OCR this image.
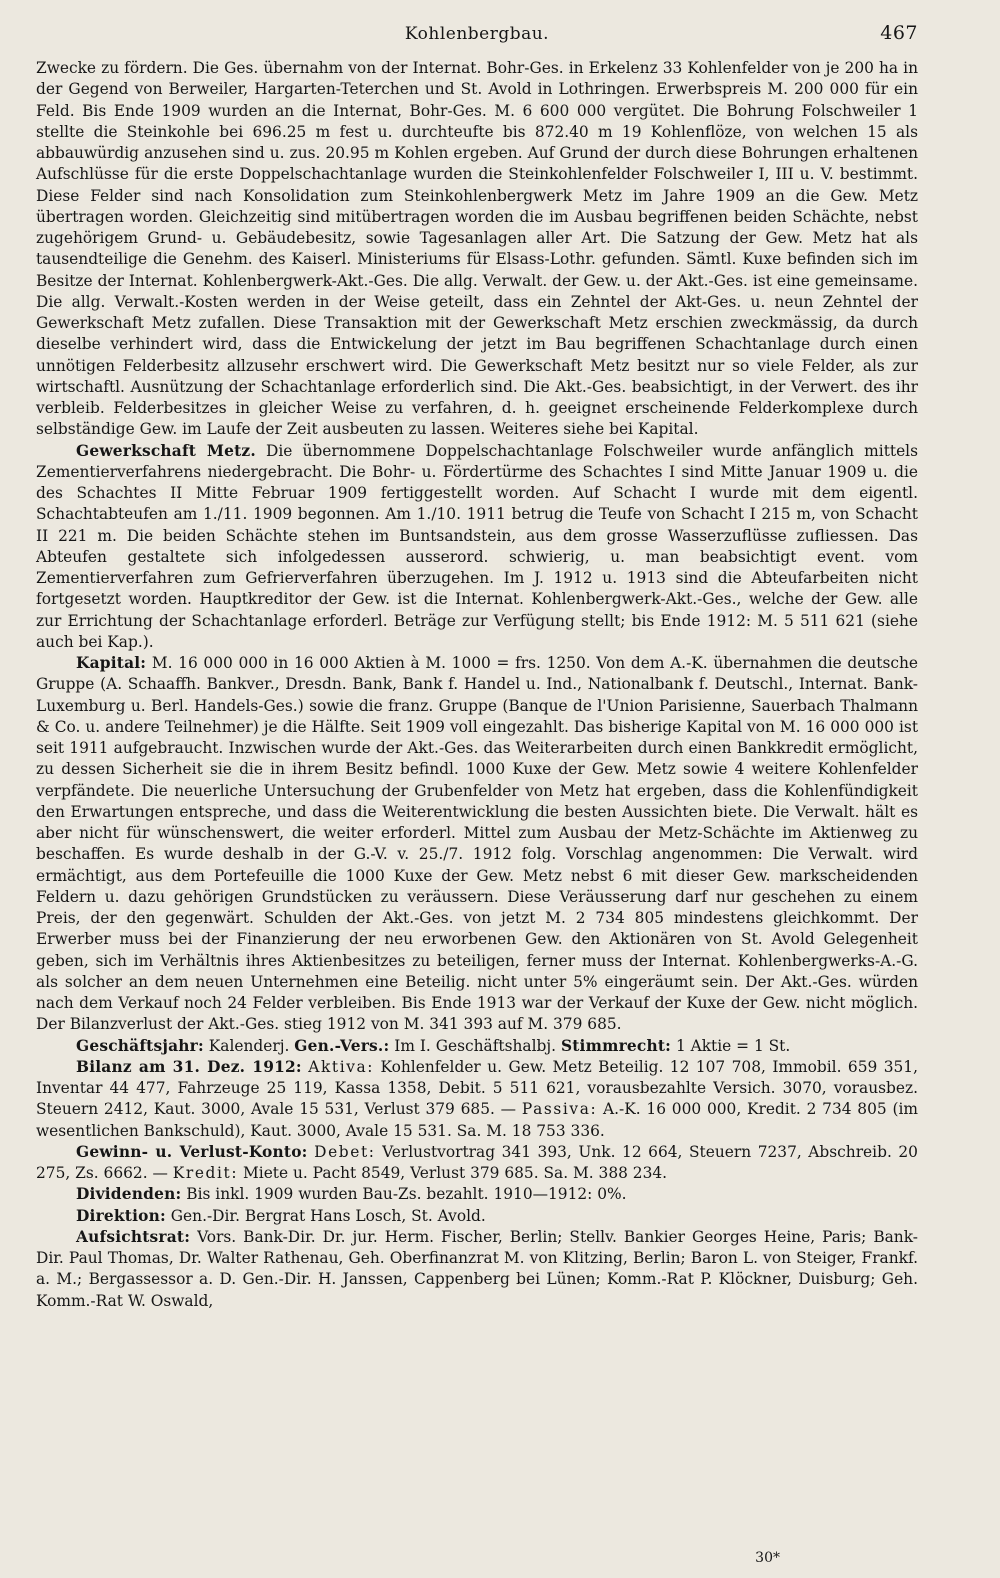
Kohlenbergbau.	467

Zwecke zu fördern. Die Ges. übernahm von der Internat. Bohr-Ges. in Erkelenz 33 Kohlenfelder von je 200 ha in der Gegend von Berweiler, Hargarten-Teterchen und St. Avold in Lothringen. Erwerbspreis M. 200 000 für ein Feld. Bis Ende 1909 wurden an die Internat, Bohr-Ges. M. 6 600 000 vergütet. Die Bohrung Folschweiler 1 stellte die Steinkohle bei 696.25 m fest u. durchteufte bis 872.40 m 19 Kohlenflöze, von welchen 15 als abbauwürdig anzusehen sind u. zus. 20.95 m Kohlen ergeben. Auf Grund der durch diese Bohrungen erhaltenen Aufschlüsse für die erste Doppelschachtanlage wurden die Steinkohlenfelder Folschweiler I, III u. V. bestimmt. Diese Felder sind nach Konsolidation zum Steinkohlenbergwerk Metz im Jahre 1909 an die Gew. Metz übertragen worden. Gleichzeitig sind mitübertragen worden die im Ausbau begriffenen beiden Schächte, nebst zugehörigem Grund- u. Gebäudebesitz, sowie Tagesanlagen aller Art. Die Satzung der Gew. Metz hat als tausendteilige die Genehm. des Kaiserl. Ministeriums für Elsass-Lothr. gefunden. Sämtl. Kuxe befinden sich im Besitze der Internat. Kohlenbergwerk-Akt.-Ges. Die allg. Verwalt. der Gew. u. der Akt.-Ges. ist eine gemeinsame. Die allg. Verwalt.-Kosten werden in der Weise geteilt, dass ein Zehntel der Akt-Ges. u. neun Zehntel der Gewerkschaft Metz zufallen. Diese Transaktion mit der Gewerkschaft Metz erschien zweckmässig, da durch dieselbe verhindert wird, dass die Entwickelung der jetzt im Bau begriffenen Schachtanlage durch einen unnötigen Felderbesitz allzusehr erschwert wird. Die Gewerkschaft Metz besitzt nur so viele Felder, als zur wirtschaftl. Ausnützung der Schachtanlage erforderlich sind. Die Akt.-Ges. beabsichtigt, in der Verwert. des ihr verbleib. Felderbesitzes in gleicher Weise zu verfahren, d. h. geeignet erscheinende Felderkomplexe durch selbständige Gew. im Laufe der Zeit ausbeuten zu lassen. Weiteres siehe bei Kapital.

Gewerkschaft Metz. Die übernommene Doppelschachtanlage Folschweiler wurde anfänglich mittels Zementierverfahrens niedergebracht. Die Bohr- u. Fördertürme des Schachtes I sind Mitte Januar 1909 u. die des Schachtes II Mitte Februar 1909 fertiggestellt worden. Auf Schacht I wurde mit dem eigentl. Schachtabteufen am 1./11. 1909 begonnen. Am 1./10. 1911 betrug die Teufe von Schacht I 215 m, von Schacht II 221 m. Die beiden Schächte stehen im Buntsandstein, aus dem grosse Wasserzuflüsse zufliessen. Das Abteufen gestaltete sich infolgedessen ausserord. schwierig, u. man beabsichtigt event. vom Zementierverfahren zum Gefrierverfahren überzugehen. Im J. 1912 u. 1913 sind die Abteufarbeiten nicht fortgesetzt worden. Hauptkreditor der Gew. ist die Internat. Kohlenbergwerk-Akt.-Ges., welche der Gew. alle zur Errichtung der Schachtanlage erforderl. Beträge zur Verfügung stellt; bis Ende 1912: M. 5 511 621 (siehe auch bei Kap.).

Kapital: M. 16 000 000 in 16 000 Aktien à M. 1000 = frs. 1250. Von dem A.-K. übernahmen die deutsche Gruppe (A. Schaaffh. Bankver., Dresdn. Bank, Bank f. Handel u. Ind., Nationalbank f. Deutschl., Internat. Bank-Luxemburg u. Berl. Handels-Ges.) sowie die franz. Gruppe (Banque de l'Union Parisienne, Sauerbach Thalmann & Co. u. andere Teilnehmer) je die Hälfte. Seit 1909 voll eingezahlt. Das bisherige Kapital von M. 16 000 000 ist seit 1911 aufgebraucht. Inzwischen wurde der Akt.-Ges. das Weiterarbeiten durch einen Bankkredit ermöglicht, zu dessen Sicherheit sie die in ihrem Besitz befindl. 1000 Kuxe der Gew. Metz sowie 4 weitere Kohlenfelder verpfändete. Die neuerliche Untersuchung der Grubenfelder von Metz hat ergeben, dass die Kohlenfündigkeit den Erwartungen entspreche, und dass die Weiterentwicklung die besten Aussichten biete. Die Verwalt. hält es aber nicht für wünschenswert, die weiter erforderl. Mittel zum Ausbau der Metz-Schächte im Aktienweg zu beschaffen. Es wurde deshalb in der G.-V. v. 25./7. 1912 folg. Vorschlag angenommen: Die Verwalt. wird ermächtigt, aus dem Portefeuille die 1000 Kuxe der Gew. Metz nebst 6 mit dieser Gew. markscheidenden Feldern u. dazu gehörigen Grundstücken zu veräussern. Diese Veräusserung darf nur geschehen zu einem Preis, der den gegenwärt. Schulden der Akt.-Ges. von jetzt M. 2 734 805 mindestens gleichkommt. Der Erwerber muss bei der Finanzierung der neu erworbenen Gew. den Aktionären von St. Avold Gelegenheit geben, sich im Verhältnis ihres Aktienbesitzes zu beteiligen, ferner muss der Internat. Kohlenbergwerks-A.-G. als solcher an dem neuen Unternehmen eine Beteilig. nicht unter 5% eingeräumt sein. Der Akt.-Ges. würden nach dem Verkauf noch 24 Felder verbleiben. Bis Ende 1913 war der Verkauf der Kuxe der Gew. nicht möglich. Der Bilanzverlust der Akt.-Ges. stieg 1912 von M. 341 393 auf M. 379 685.

Geschäftsjahr: Kalenderj. Gen.-Vers.: Im I. Geschäftshalbj. Stimmrecht: 1 Aktie = 1 St.

Bilanz am 31. Dez. 1912: Aktiva: Kohlenfelder u. Gew. Metz Beteilig. 12 107 708, Immobil. 659 351, Inventar 44 477, Fahrzeuge 25 119, Kassa 1358, Debit. 5 511 621, vorausbezahlte Versich. 3070, vorausbez. Steuern 2412, Kaut. 3000, Avale 15 531, Verlust 379 685. — Passiva: A.-K. 16 000 000, Kredit. 2 734 805 (im wesentlichen Bankschuld), Kaut. 3000, Avale 15 531. Sa. M. 18 753 336.

Gewinn- u. Verlust-Konto: Debet: Verlustvortrag 341 393, Unk. 12 664, Steuern 7237, Abschreib. 20 275, Zs. 6662. — Kredit: Miete u. Pacht 8549, Verlust 379 685. Sa. M. 388 234.

Dividenden: Bis inkl. 1909 wurden Bau-Zs. bezahlt. 1910—1912: 0%.

Direktion: Gen.-Dir. Bergrat Hans Losch, St. Avold.

Aufsichtsrat: Vors. Bank-Dir. Dr. jur. Herm. Fischer, Berlin; Stellv. Bankier Georges Heine, Paris; Bank-Dir. Paul Thomas, Dr. Walter Rathenau, Geh. Oberfinanzrat M. von Klitzing, Berlin; Baron L. von Steiger, Frankf. a. M.; Bergassessor a. D. Gen.-Dir. H. Janssen, Cappenberg bei Lünen; Komm.-Rat P. Klöckner, Duisburg; Geh. Komm.-Rat W. Oswald,

30*
